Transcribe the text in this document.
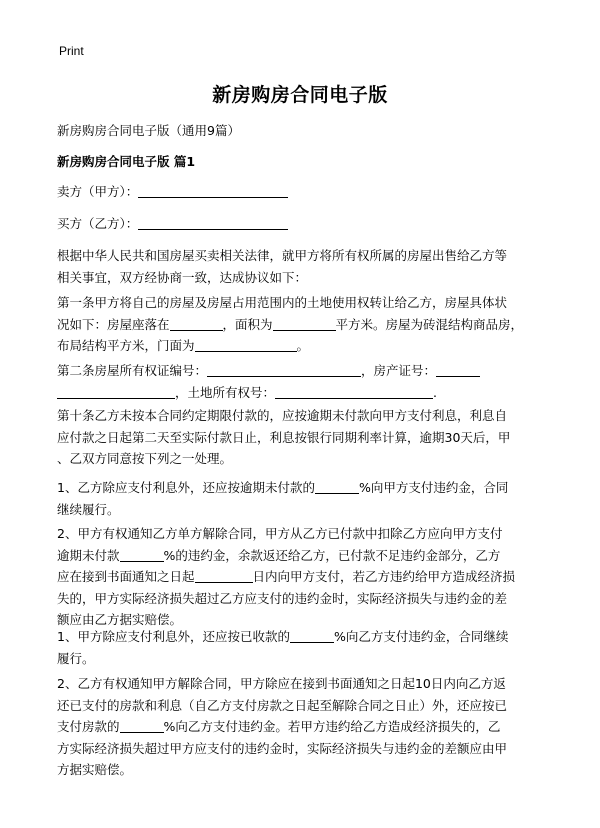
Print
新房购房合同电子版

新房购房合同电子版（通用9篇）

新房购房合同电子版 篇1

卖方（甲方）：

买方（乙方）：

根据中华人民共和国房屋买卖相关法律，就甲方将所有权所属的房屋出售给乙方等
相关事宜，双方经协商一致，达成协议如下：

第一条甲方将自己的房屋及房屋占用范围内的土地使用权转让给乙方，房屋具体状
况如下：房屋座落在	，面积为	平方米。房屋为砖混结构商品房，
布局结构平方米，门面为	。

第二条房屋所有权证编号：	，房产证号：
，土地所有权号：	.

第十条乙方未按本合同约定期限付款的，应按逾期未付款向甲方支付利息，利息自
应付款之日起第二天至实际付款日止，利息按银行同期利率计算，逾期30天后，甲
、乙双方同意按下列之一处理。

1、乙方除应支付利息外，还应按逾期未付款的	%向甲方支付违约金，合同
继续履行。

2、甲方有权通知乙方单方解除合同，甲方从乙方已付款中扣除乙方应向甲方支付
逾期未付款	%的违约金，余款返还给乙方，已付款不足违约金部分，乙方
应在接到书面通知之日起	日内向甲方支付，若乙方违约给甲方造成经济损
失的，甲方实际经济损失超过乙方应支付的违约金时，实际经济损失与违约金的差
额应由乙方据实赔偿。

1、甲方除应支付利息外，还应按已收款的	%向乙方支付违约金，合同继续
履行。

2、乙方有权通知甲方解除合同，甲方除应在接到书面通知之日起10日内向乙方返
还已支付的房款和利息（自乙方支付房款之日起至解除合同之日止）外，还应按已
支付房款的	%向乙方支付违约金。若甲方违约给乙方造成经济损失的，乙
方实际经济损失超过甲方应支付的违约金时，实际经济损失与违约金的差额应由甲
方据实赔偿。
